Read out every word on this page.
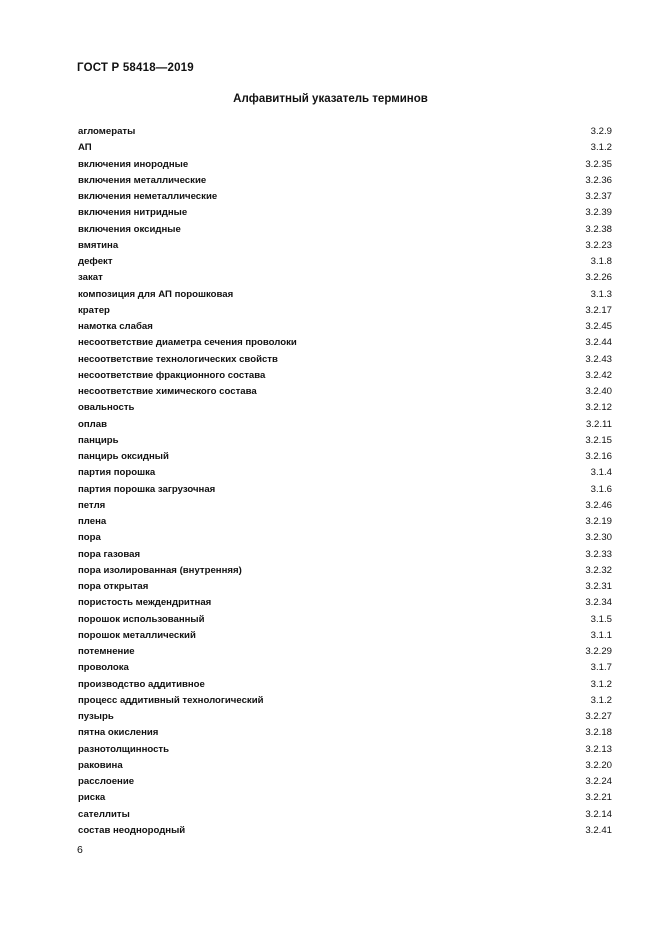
ГОСТ Р 58418—2019
Алфавитный указатель терминов
агломераты	3.2.9
АП	3.1.2
включения инородные	3.2.35
включения металлические	3.2.36
включения неметаллические	3.2.37
включения нитридные	3.2.39
включения оксидные	3.2.38
вмятина	3.2.23
дефект	3.1.8
закат	3.2.26
композиция для АП порошковая	3.1.3
кратер	3.2.17
намотка слабая	3.2.45
несоответствие диаметра сечения проволоки	3.2.44
несоответствие технологических свойств	3.2.43
несоответствие фракционного состава	3.2.42
несоответствие химического состава	3.2.40
овальность	3.2.12
оплав	3.2.11
панцирь	3.2.15
панцирь оксидный	3.2.16
партия порошка	3.1.4
партия порошка загрузочная	3.1.6
петля	3.2.46
плена	3.2.19
пора	3.2.30
пора газовая	3.2.33
пора изолированная (внутренняя)	3.2.32
пора открытая	3.2.31
пористость междендритная	3.2.34
порошок использованный	3.1.5
порошок металлический	3.1.1
потемнение	3.2.29
проволока	3.1.7
производство аддитивное	3.1.2
процесс аддитивный технологический	3.1.2
пузырь	3.2.27
пятна окисления	3.2.18
разнотолщинность	3.2.13
раковина	3.2.20
расслоение	3.2.24
риска	3.2.21
сателлиты	3.2.14
состав неоднородный	3.2.41
6
